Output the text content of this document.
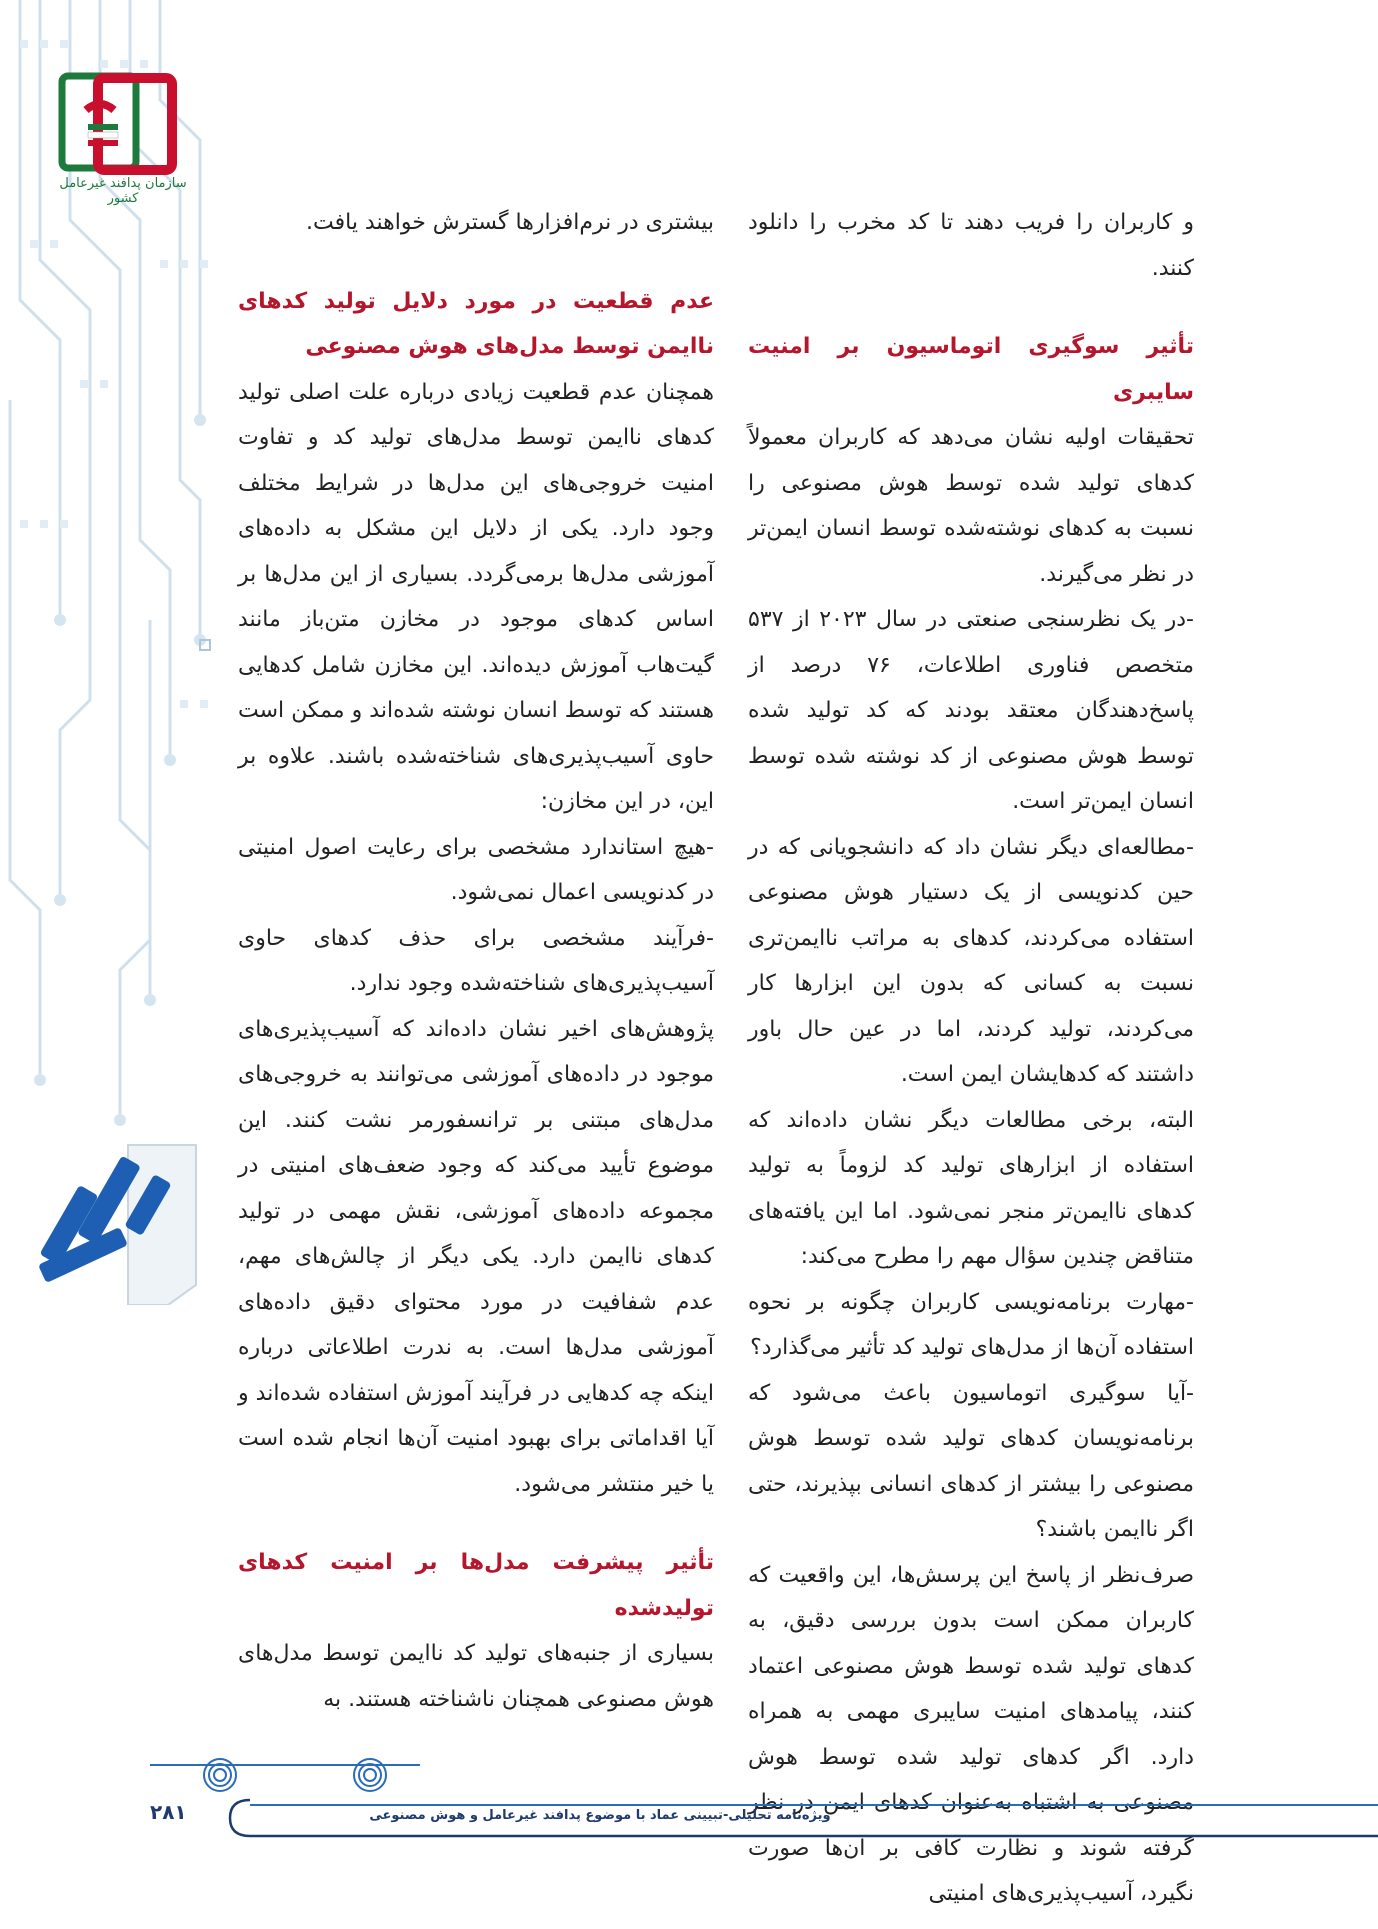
سازمان پدافند غیرعامل کشور

و کاربران را فریب دهند تا کد مخرب را دانلود کنند.

تأثیر سوگیری اتوماسیون بر امنیت سایبری

تحقیقات اولیه نشان می‌دهد که کاربران معمولاً کدهای تولید شده توسط هوش مصنوعی را نسبت به کدهای نوشته‌شده توسط انسان ایمن‌تر در نظر می‌گیرند.

-در یک نظرسنجی صنعتی در سال ۲۰۲۳ از ۵۳۷ متخصص فناوری اطلاعات، ۷۶ درصد از پاسخ‌دهندگان معتقد بودند که کد تولید شده توسط هوش مصنوعی از کد نوشته شده توسط انسان ایمن‌تر است.

-مطالعه‌ای دیگر نشان داد که دانشجویانی که در حین کدنویسی از یک دستیار هوش مصنوعی استفاده می‌کردند، کدهای به مراتب ناایمن‌تری نسبت به کسانی که بدون این ابزارها کار می‌کردند، تولید کردند، اما در عین حال باور داشتند که کدهایشان ایمن است.

البته، برخی مطالعات دیگر نشان داده‌اند که استفاده از ابزارهای تولید کد لزوماً به تولید کدهای ناایمن‌تر منجر نمی‌شود. اما این یافته‌های متناقض چندین سؤال مهم را مطرح می‌کند:

-مهارت برنامه‌نویسی کاربران چگونه بر نحوه استفاده آن‌ها از مدل‌های تولید کد تأثیر می‌گذارد؟

-آیا سوگیری اتوماسیون باعث می‌شود که برنامه‌نویسان کدهای تولید شده توسط هوش مصنوعی را بیشتر از کدهای انسانی بپذیرند، حتی اگر ناایمن باشند؟

صرف‌نظر از پاسخ این پرسش‌ها، این واقعیت که کاربران ممکن است بدون بررسی دقیق، به کدهای تولید شده توسط هوش مصنوعی اعتماد کنند، پیامدهای امنیت سایبری مهمی به همراه دارد. اگر کدهای تولید شده توسط هوش مصنوعی به اشتباه به‌عنوان کدهای ایمن در نظر گرفته شوند و نظارت کافی بر آن‌ها صورت نگیرد، آسیب‌پذیری‌های امنیتی

بیشتری در نرم‌افزارها گسترش خواهند یافت.

عدم قطعیت در مورد دلایل تولید کدهای ناایمن توسط مدل‌های هوش مصنوعی

همچنان عدم قطعیت زیادی درباره علت اصلی تولید کدهای ناایمن توسط مدل‌های تولید کد و تفاوت امنیت خروجی‌های این مدل‌ها در شرایط مختلف وجود دارد. یکی از دلایل این مشکل به داده‌های آموزشی مدل‌ها برمی‌گردد. بسیاری از این مدل‌ها بر اساس کدهای موجود در مخازن متن‌باز مانند گیت‌هاب آموزش دیده‌اند. این مخازن شامل کدهایی هستند که توسط انسان نوشته شده‌اند و ممکن است حاوی آسیب‌پذیری‌های شناخته‌شده باشند. علاوه بر این، در این مخازن:

-هیچ استاندارد مشخصی برای رعایت اصول امنیتی در کدنویسی اعمال نمی‌شود.

-فرآیند مشخصی برای حذف کدهای حاوی آسیب‌پذیری‌های شناخته‌شده وجود ندارد.

پژوهش‌های اخیر نشان داده‌اند که آسیب‌پذیری‌های موجود در داده‌های آموزشی می‌توانند به خروجی‌های مدل‌های مبتنی بر ترانسفورمر نشت کنند. این موضوع تأیید می‌کند که وجود ضعف‌های امنیتی در مجموعه داده‌های آموزشی، نقش مهمی در تولید کدهای ناایمن دارد. یکی دیگر از چالش‌های مهم، عدم شفافیت در مورد محتوای دقیق داده‌های آموزشی مدل‌ها است. به ندرت اطلاعاتی درباره اینکه چه کدهایی در فرآیند آموزش استفاده شده‌اند و آیا اقداماتی برای بهبود امنیت آن‌ها انجام شده است یا خیر منتشر می‌شود.

تأثیر پیشرفت مدل‌ها بر امنیت کدهای تولیدشده

بسیاری از جنبه‌های تولید کد ناایمن توسط مدل‌های هوش مصنوعی همچنان ناشناخته هستند. به

۲۸۱	ویژه‌نامه تحلیلی-تبیینی عماد با موضوع پدافند غیرعامل و هوش مصنوعی
